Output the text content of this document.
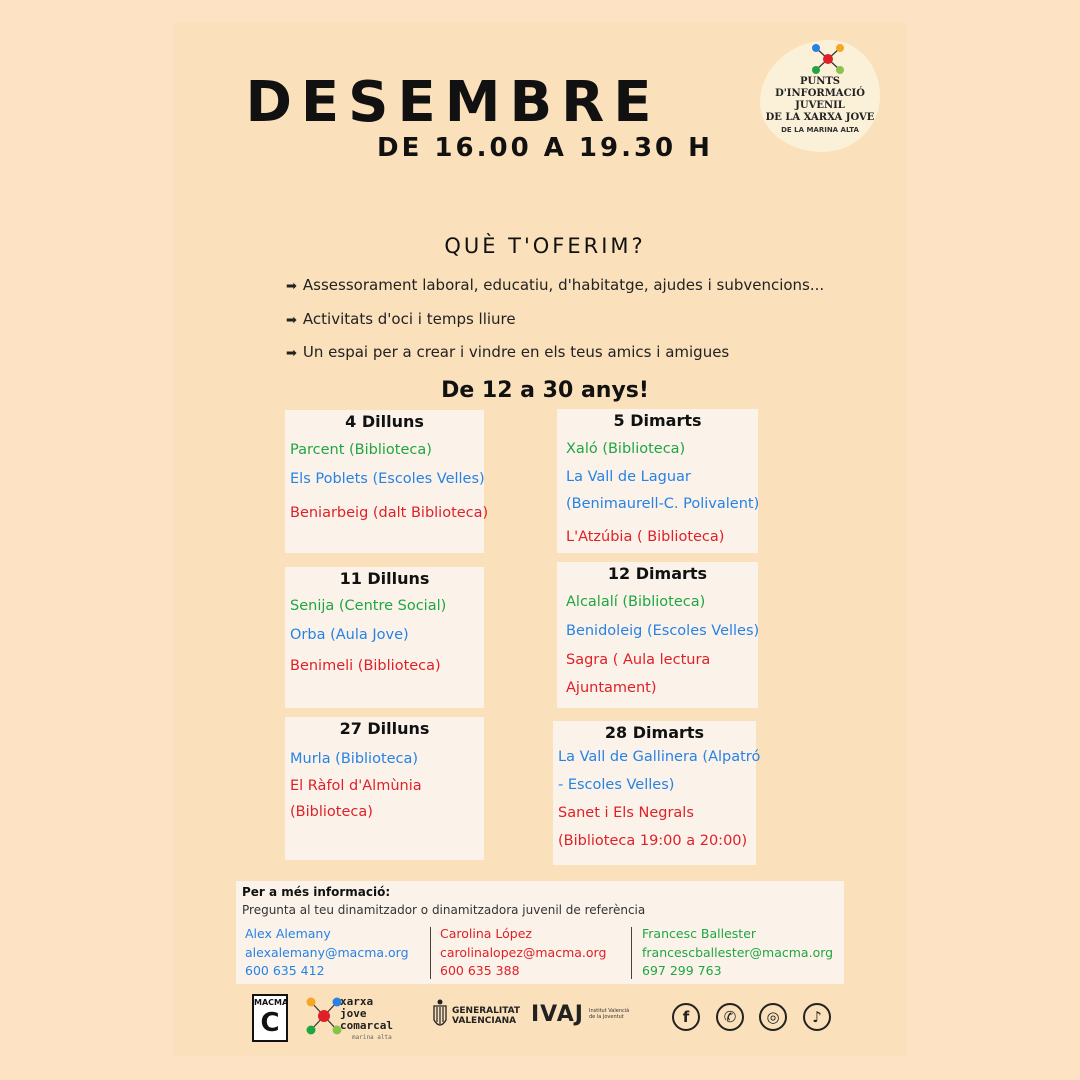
DESEMBRE
DE 16.00 A 19.30 H
PUNTS
D'INFORMACIÓ
JUVENIL
DE LA XARXA JOVE
DE LA MARINA ALTA
QUÈ T'OFERIM?
➡ Assessorament laboral, educatiu, d'habitatge, ajudes i subvencions...
➡ Activitats d'oci i temps lliure
➡ Un espai per a crear i vindre en els teus amics i amigues
De 12 a 30 anys!
4 Dilluns
Parcent (Biblioteca)
Els Poblets (Escoles Velles)
Beniarbeig (dalt Biblioteca)
5 Dimarts
Xaló (Biblioteca)
La Vall de Laguar
(Benimaurell-C. Polivalent)
L'Atzúbia ( Biblioteca)
11 Dilluns
Senija (Centre Social)
Orba (Aula Jove)
Benimeli (Biblioteca)
12 Dimarts
Alcalalí (Biblioteca)
Benidoleig (Escoles Velles)
Sagra ( Aula lectura
Ajuntament)
27 Dilluns
Murla (Biblioteca)
El Ràfol d'Almùnia
(Biblioteca)
28 Dimarts
La Vall de Gallinera (Alpatró
- Escoles Velles)
Sanet i Els Negrals
(Biblioteca 19:00 a 20:00)
Per a més informació:
Pregunta al teu dinamitzador o dinamitzadora juvenil de referència
Alex Alemany
alexalemany@macma.org
600 635 412
Carolina López
carolinalopez@macma.org
600 635 388
Francesc Ballester
francescballester@macma.org
697 299 763
MACMA
C
xarxa
jove
comarcal
marina alta
GENERALITAT
VALENCIANA IVAJ Institut Valencià
de la Joventut	f	✆	◎	♪
